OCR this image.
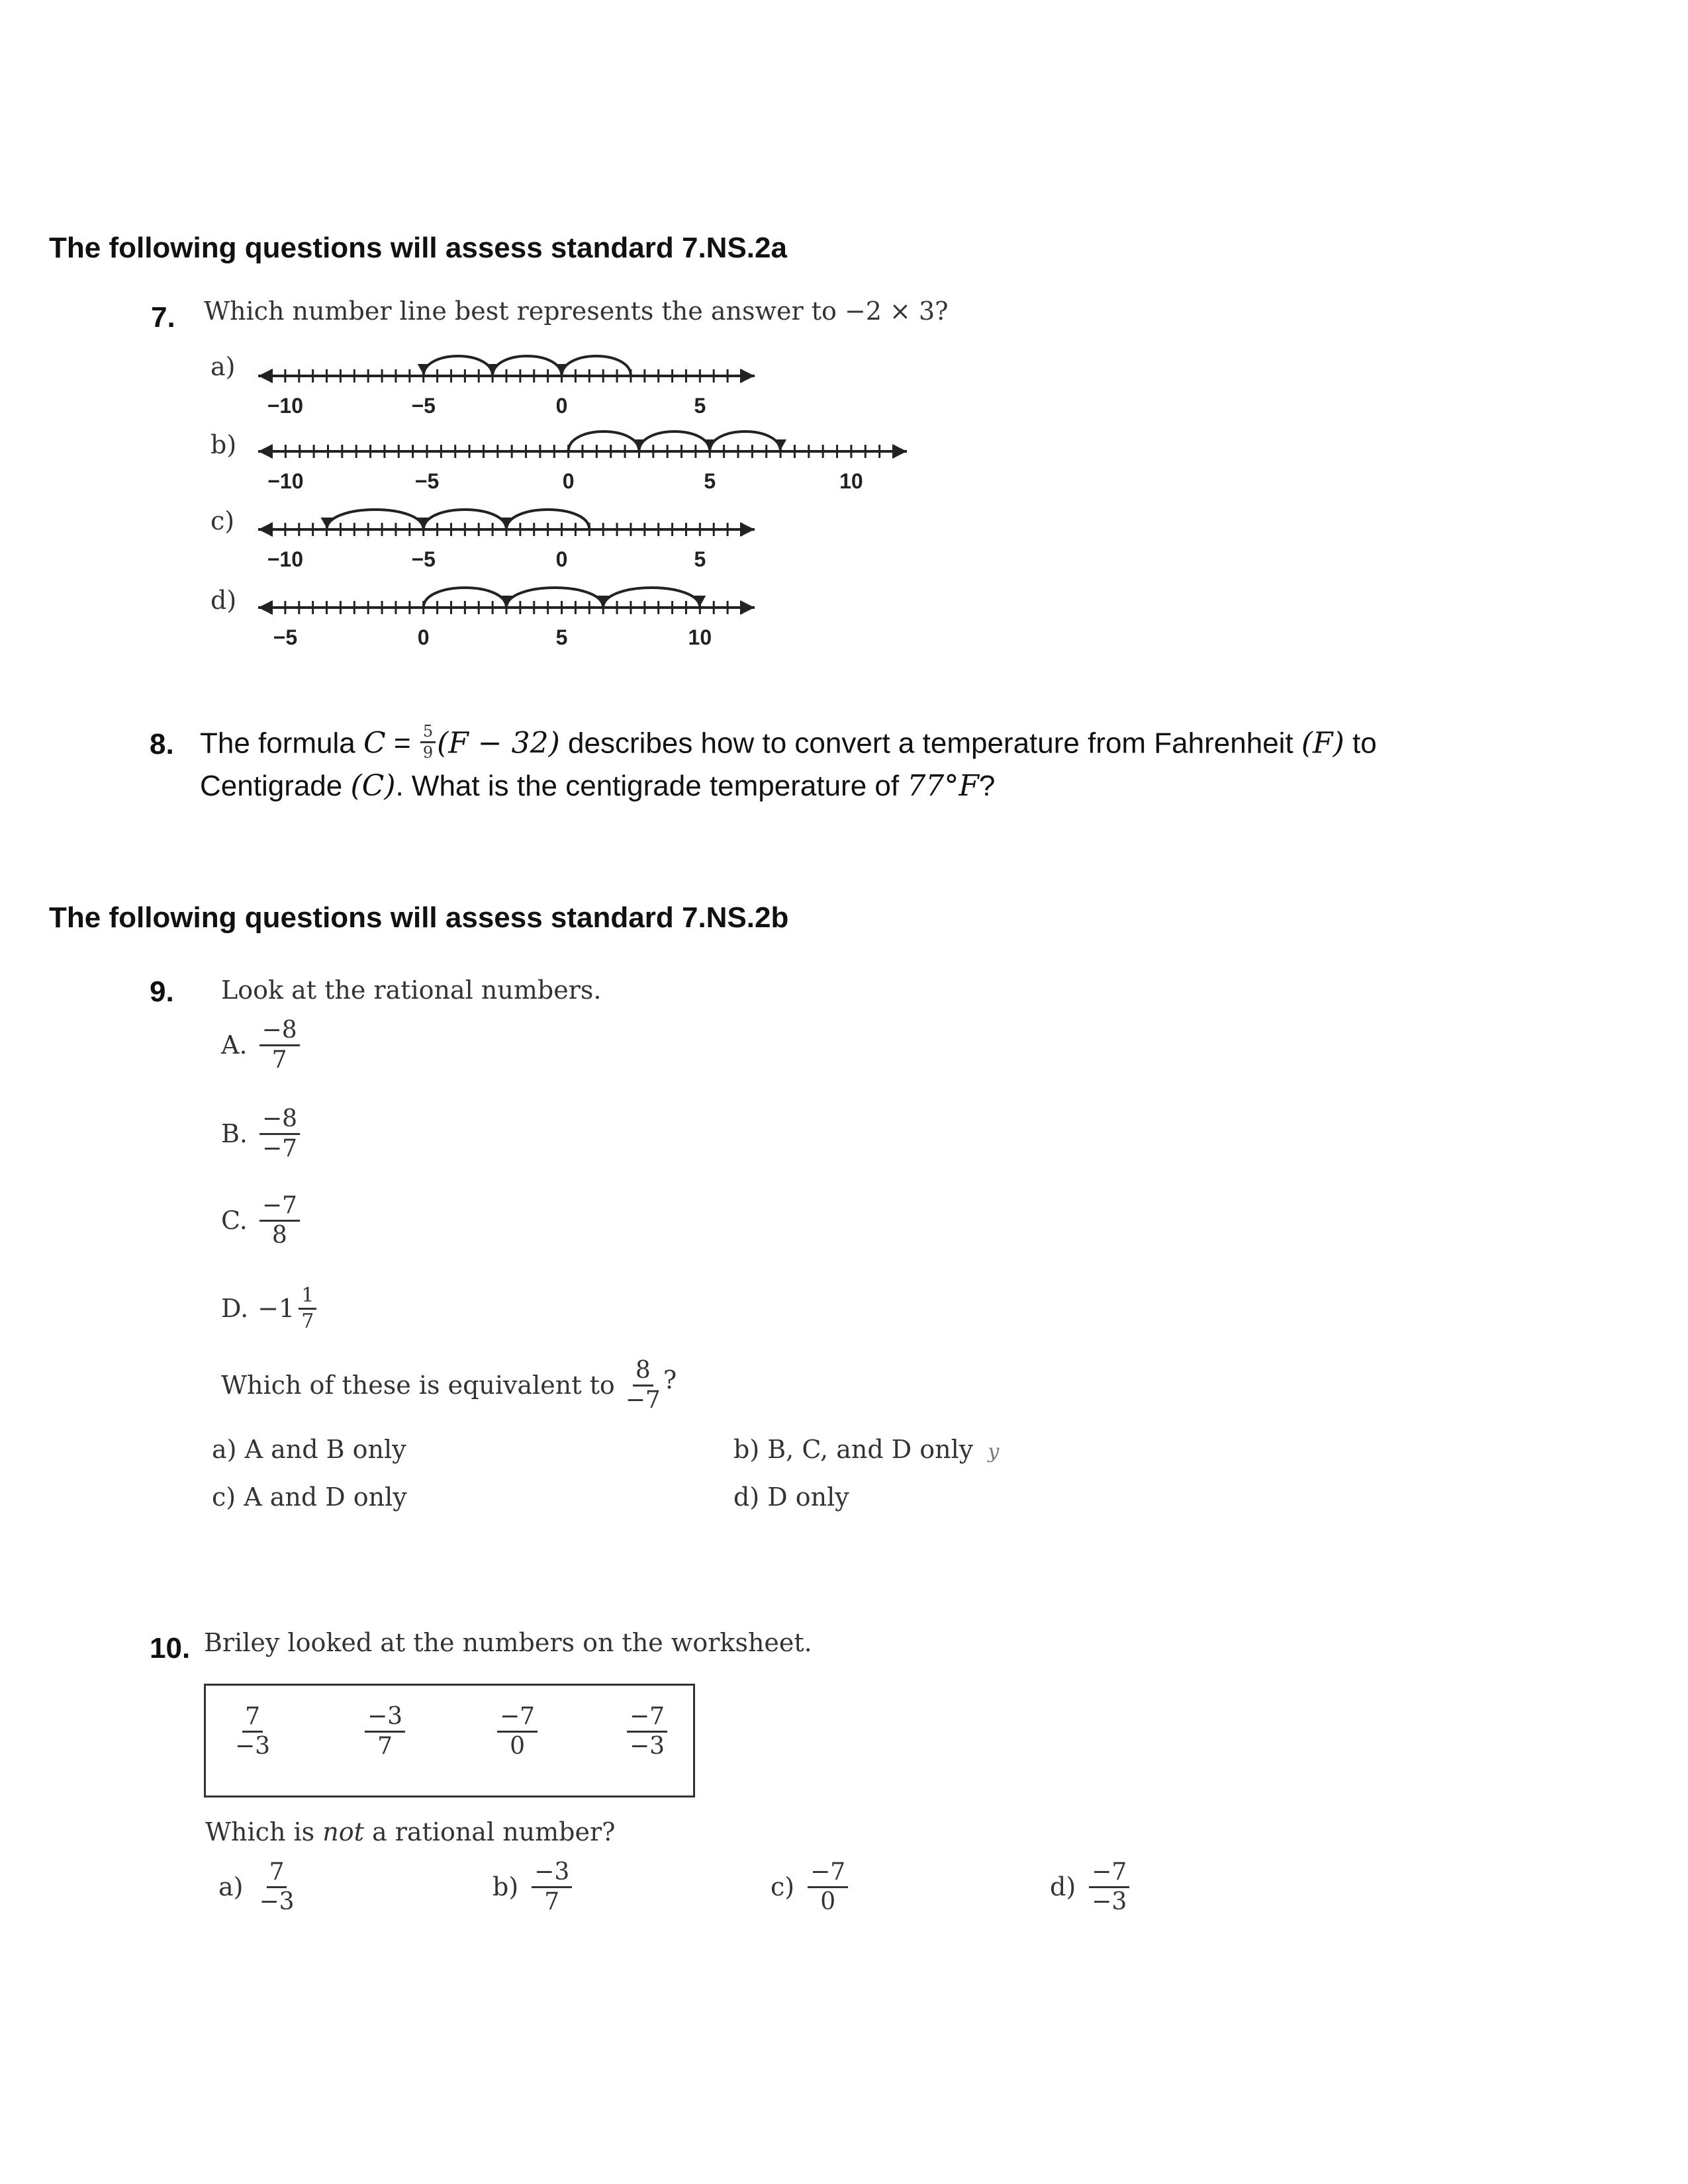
The following questions will assess standard 7.NS.2a
7. Which number line best represents the answer to −2 × 3?
a)
b)
c)
d)
−10	−5	0	5
−10	−5	0	5	10
−10	−5	0	5
−5	0	5	10
8. The formula $C = \frac{5}{9} (F - 32)$ describes how to convert a temperature from Fahrenheit (F) to
Centigrade (C). What is the centigrade temperature of 77°F?
The following questions will assess standard 7.NS.2b
9. Look at the rational numbers.
A. $\frac{-8}{7}$
B. $\frac{-8}{-7}$
C. $\frac{-7}{8}$
D. $-1 \frac{1}{7}$
Which of these is equivalent to $\frac{8}{-7}$ ?
a) A and B only	b) B, C, and D only y
c) A and D only	d) D only
10. Briley looked at the numbers on the worksheet.
$\frac{7}{-3}$	$\frac{-3}{7}$	$\frac{-7}{0}$	$\frac{-7}{-3}$
Which is not a rational number?
$a) \frac{7}{-3}$	$b) \frac{-3}{7}$	$c) \frac{-7}{0}$	$d) \frac{-7}{-3}$
